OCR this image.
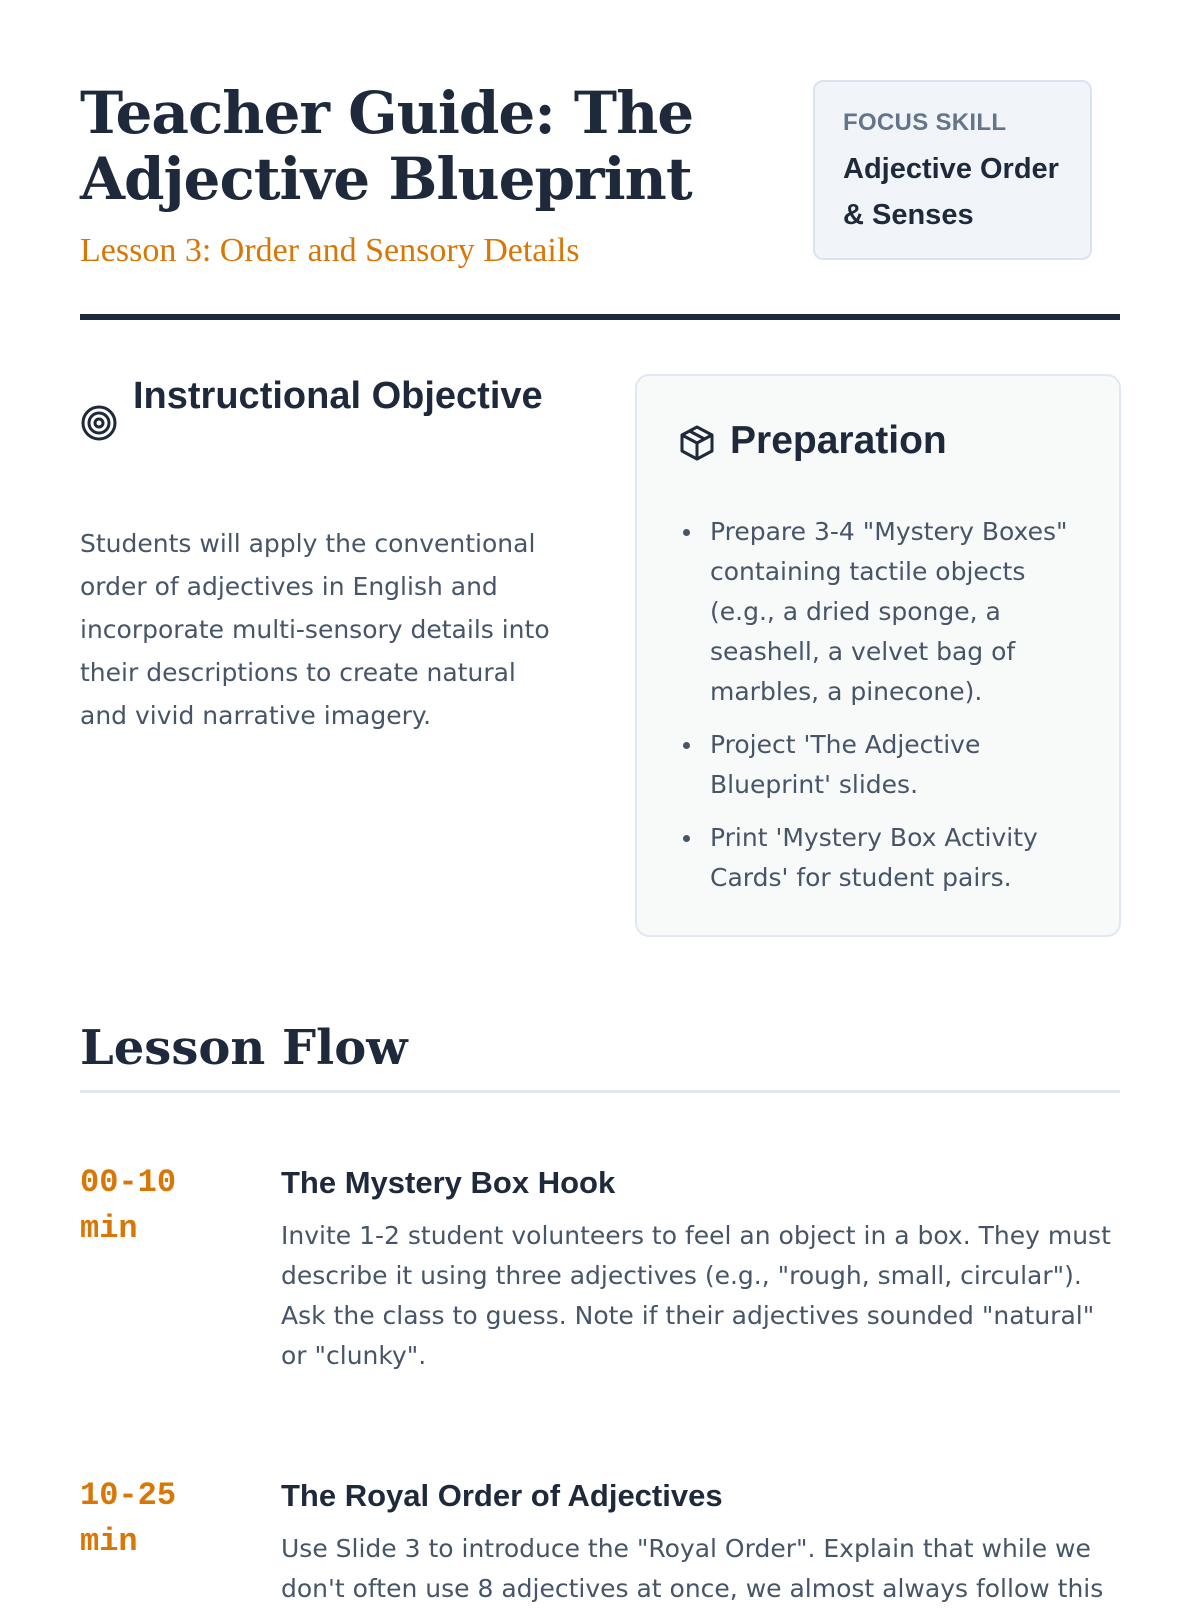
Teacher Guide: The Adjective Blueprint
Lesson 3: Order and Sensory Details
FOCUS SKILL
Adjective Order & Senses
Instructional Objective

Students will apply the conventional order of adjectives in English and incorporate multi-sensory details into their descriptions to create natural and vivid narrative imagery.

Preparation
Prepare 3-4 "Mystery Boxes" containing tactile objects (e.g., a dried sponge, a seashell, a velvet bag of marbles, a pinecone).
Project 'The Adjective Blueprint' slides.
Print 'Mystery Box Activity Cards' for student pairs.
Lesson Flow
00-10 min
The Mystery Box Hook

Invite 1-2 student volunteers to feel an object in a box. They must describe it using three adjectives (e.g., "rough, small, circular"). Ask the class to guess. Note if their adjectives sounded "natural" or "clunky".

10-25 min
The Royal Order of Adjectives

Use Slide 3 to introduce the "Royal Order". Explain that while we don't often use 8 adjectives at once, we almost always follow this
